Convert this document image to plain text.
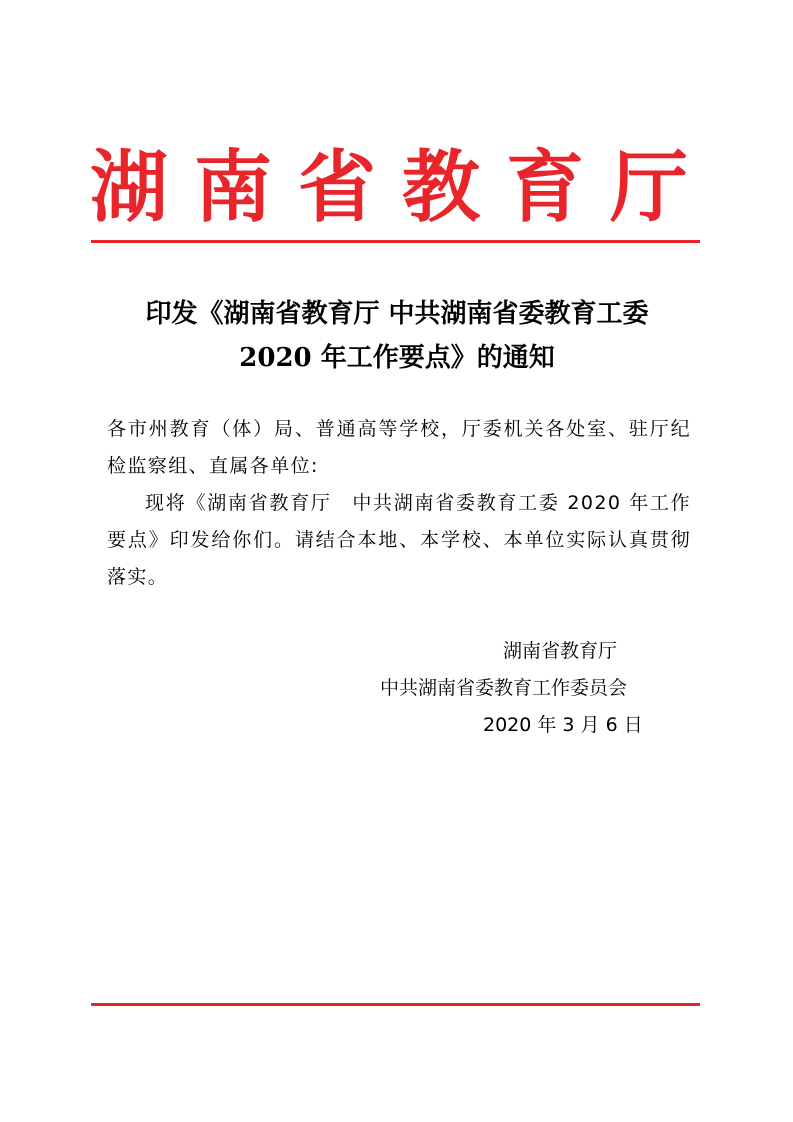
湖南省教育厅
印发《湖南省教育厅 中共湖南省委教育工委
2020 年工作要点》的通知

各市州教育（体）局、普通高等学校，厅委机关各处室、驻厅纪检监察组、直属各单位:

现将《湖南省教育厅　中共湖南省委教育工委 2020 年工作要点》印发给你们。请结合本地、本学校、本单位实际认真贯彻落实。

湖南省教育厅
中共湖南省委教育工作委员会
2020 年 3 月 6 日
